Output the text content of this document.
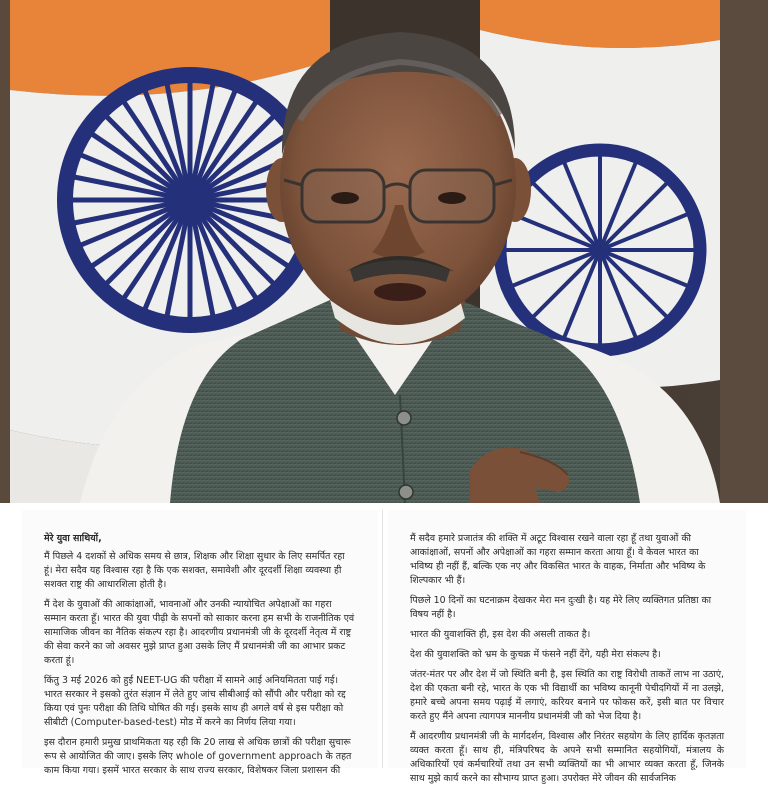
मेरे युवा साथियों,

मैं पिछले 4 दशकों से अधिक समय से छात्र, शिक्षक और शिक्षा सुधार के लिए समर्पित रहा हूं। मेरा सदैव यह विश्वास रहा है कि एक सशक्त, समावेशी और दूरदर्शी शिक्षा व्यवस्था ही सशक्त राष्ट्र की आधारशिला होती है।

मैं देश के युवाओं की आकांक्षाओं, भावनाओं और उनकी न्यायोचित अपेक्षाओं का गहरा सम्मान करता हूँ। भारत की युवा पीढ़ी के सपनों को साकार करना हम सभी के राजनीतिक एवं सामाजिक जीवन का नैतिक संकल्प रहा है। आदरणीय प्रधानमंत्री जी के दूरदर्शी नेतृत्व में राष्ट्र की सेवा करने का जो अवसर मुझे प्राप्त हुआ उसके लिए मैं प्रधानमंत्री जी का आभार प्रकट करता हूं।

किंतु 3 मई 2026 को हुई NEET-UG की परीक्षा में सामने आई अनियमितता पाई गई। भारत सरकार ने इसको तुरंत संज्ञान में लेते हुए जांच सीबीआई को सौंपी और परीक्षा को रद्द किया एवं पुनः परीक्षा की तिथि घोषित की गई। इसके साथ ही अगले वर्ष से इस परीक्षा को सीबीटी (Computer-based-test) मोड में करने का निर्णय लिया गया।

इस दौरान हमारी प्रमुख प्राथमिकता यह रही कि 20 लाख से अधिक छात्रों की परीक्षा सुचारू रूप से आयोजित की जाए। इसके लिए whole of government approach के तहत काम किया गया। इसमें भारत सरकार के साथ राज्य सरकार, विशेषकर जिला प्रशासन की

मैं सदैव हमारे प्रजातंत्र की शक्ति में अटूट विश्वास रखने वाला रहा हूँ तथा युवाओं की आकांक्षाओं, सपनों और अपेक्षाओं का गहरा सम्मान करता आया हूँ। वे केवल भारत का भविष्य ही नहीं हैं, बल्कि एक नए और विकसित भारत के वाहक, निर्माता और भविष्य के शिल्पकार भी हैं।

पिछले 10 दिनों का घटनाक्रम देखकर मेरा मन दुःखी है। यह मेरे लिए व्यक्तिगत प्रतिष्ठा का विषय नहीं है।

भारत की युवाशक्ति ही, इस देश की असली ताकत है।

देश की युवाशक्ति को भ्रम के कुचक्र में फंसने नहीं देंगे, यही मेरा संकल्प है।

जंतर-मंतर पर और देश में जो स्थिति बनी है, इस स्थिति का राष्ट्र विरोधी ताकतें लाभ ना उठाएं, देश की एकता बनी रहे, भारत के एक भी विद्यार्थी का भविष्य कानूनी पेचीदगियों में ना उलझे, हमारे बच्चे अपना समय पढ़ाई में लगाएं, करियर बनाने पर फोकस करें, इसी बात पर विचार करते हुए मैंने अपना त्यागपत्र माननीय प्रधानमंत्री जी को भेज दिया है।

मैं आदरणीय प्रधानमंत्री जी के मार्गदर्शन, विश्वास और निरंतर सहयोग के लिए हार्दिक कृतज्ञता व्यक्त करता हूँ। साथ ही, मंत्रिपरिषद के अपने सभी सम्मानित सहयोगियों, मंत्रालय के अधिकारियों एवं कर्मचारियों तथा उन सभी व्यक्तियों का भी आभार व्यक्त करता हूँ, जिनके साथ मुझे कार्य करने का सौभाग्य प्राप्त हुआ। उपरोक्त मेरे जीवन की सार्वजनिक
